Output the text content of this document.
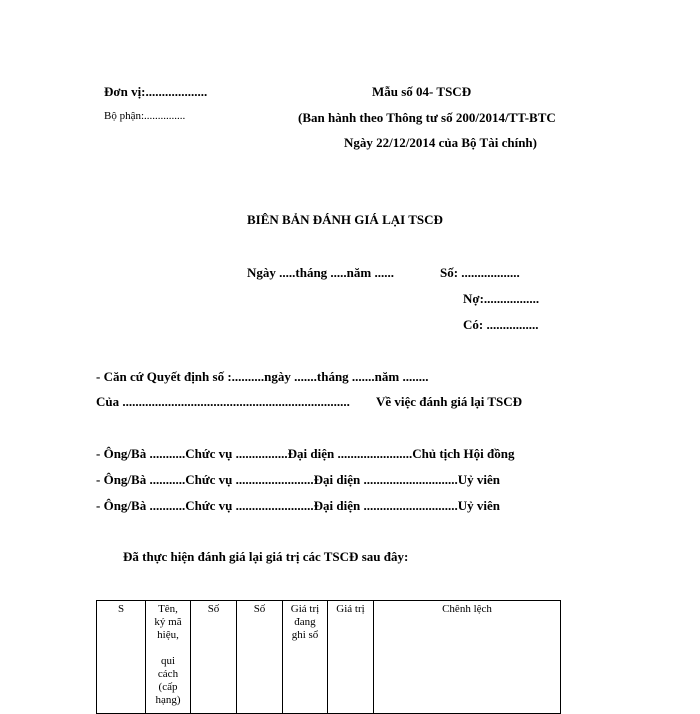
Đơn vị:...................
Bộ phận:...............
Mẫu số 04- TSCĐ
(Ban hành theo Thông tư số 200/2014/TT-BTC
Ngày 22/12/2014 của Bộ Tài chính)
BIÊN BẢN ĐÁNH GIÁ LẠI TSCĐ
Ngày .....tháng .....năm ......	Số: ..................
Nợ:.................
Có: ................
- Căn cứ Quyết định số :..........ngày .......tháng .......năm ........
Của ...................................................................... Về việc đánh giá lại TSCĐ
- Ông/Bà ...........Chức vụ ................Đại diện .......................Chủ tịch Hội đồng
- Ông/Bà ...........Chức vụ ........................Đại diện .............................Uỷ viên
- Ông/Bà ...........Chức vụ ........................Đại diện .............................Uỷ viên
Đã thực hiện đánh giá lại giá trị các TSCĐ sau đây:
S	Tên,
ký mã
hiệu,
qui
cách
(cấp
hạng)
	Số	Số	Giá trị
đang
ghi sổ
	Giá trị	Chênh lệch
